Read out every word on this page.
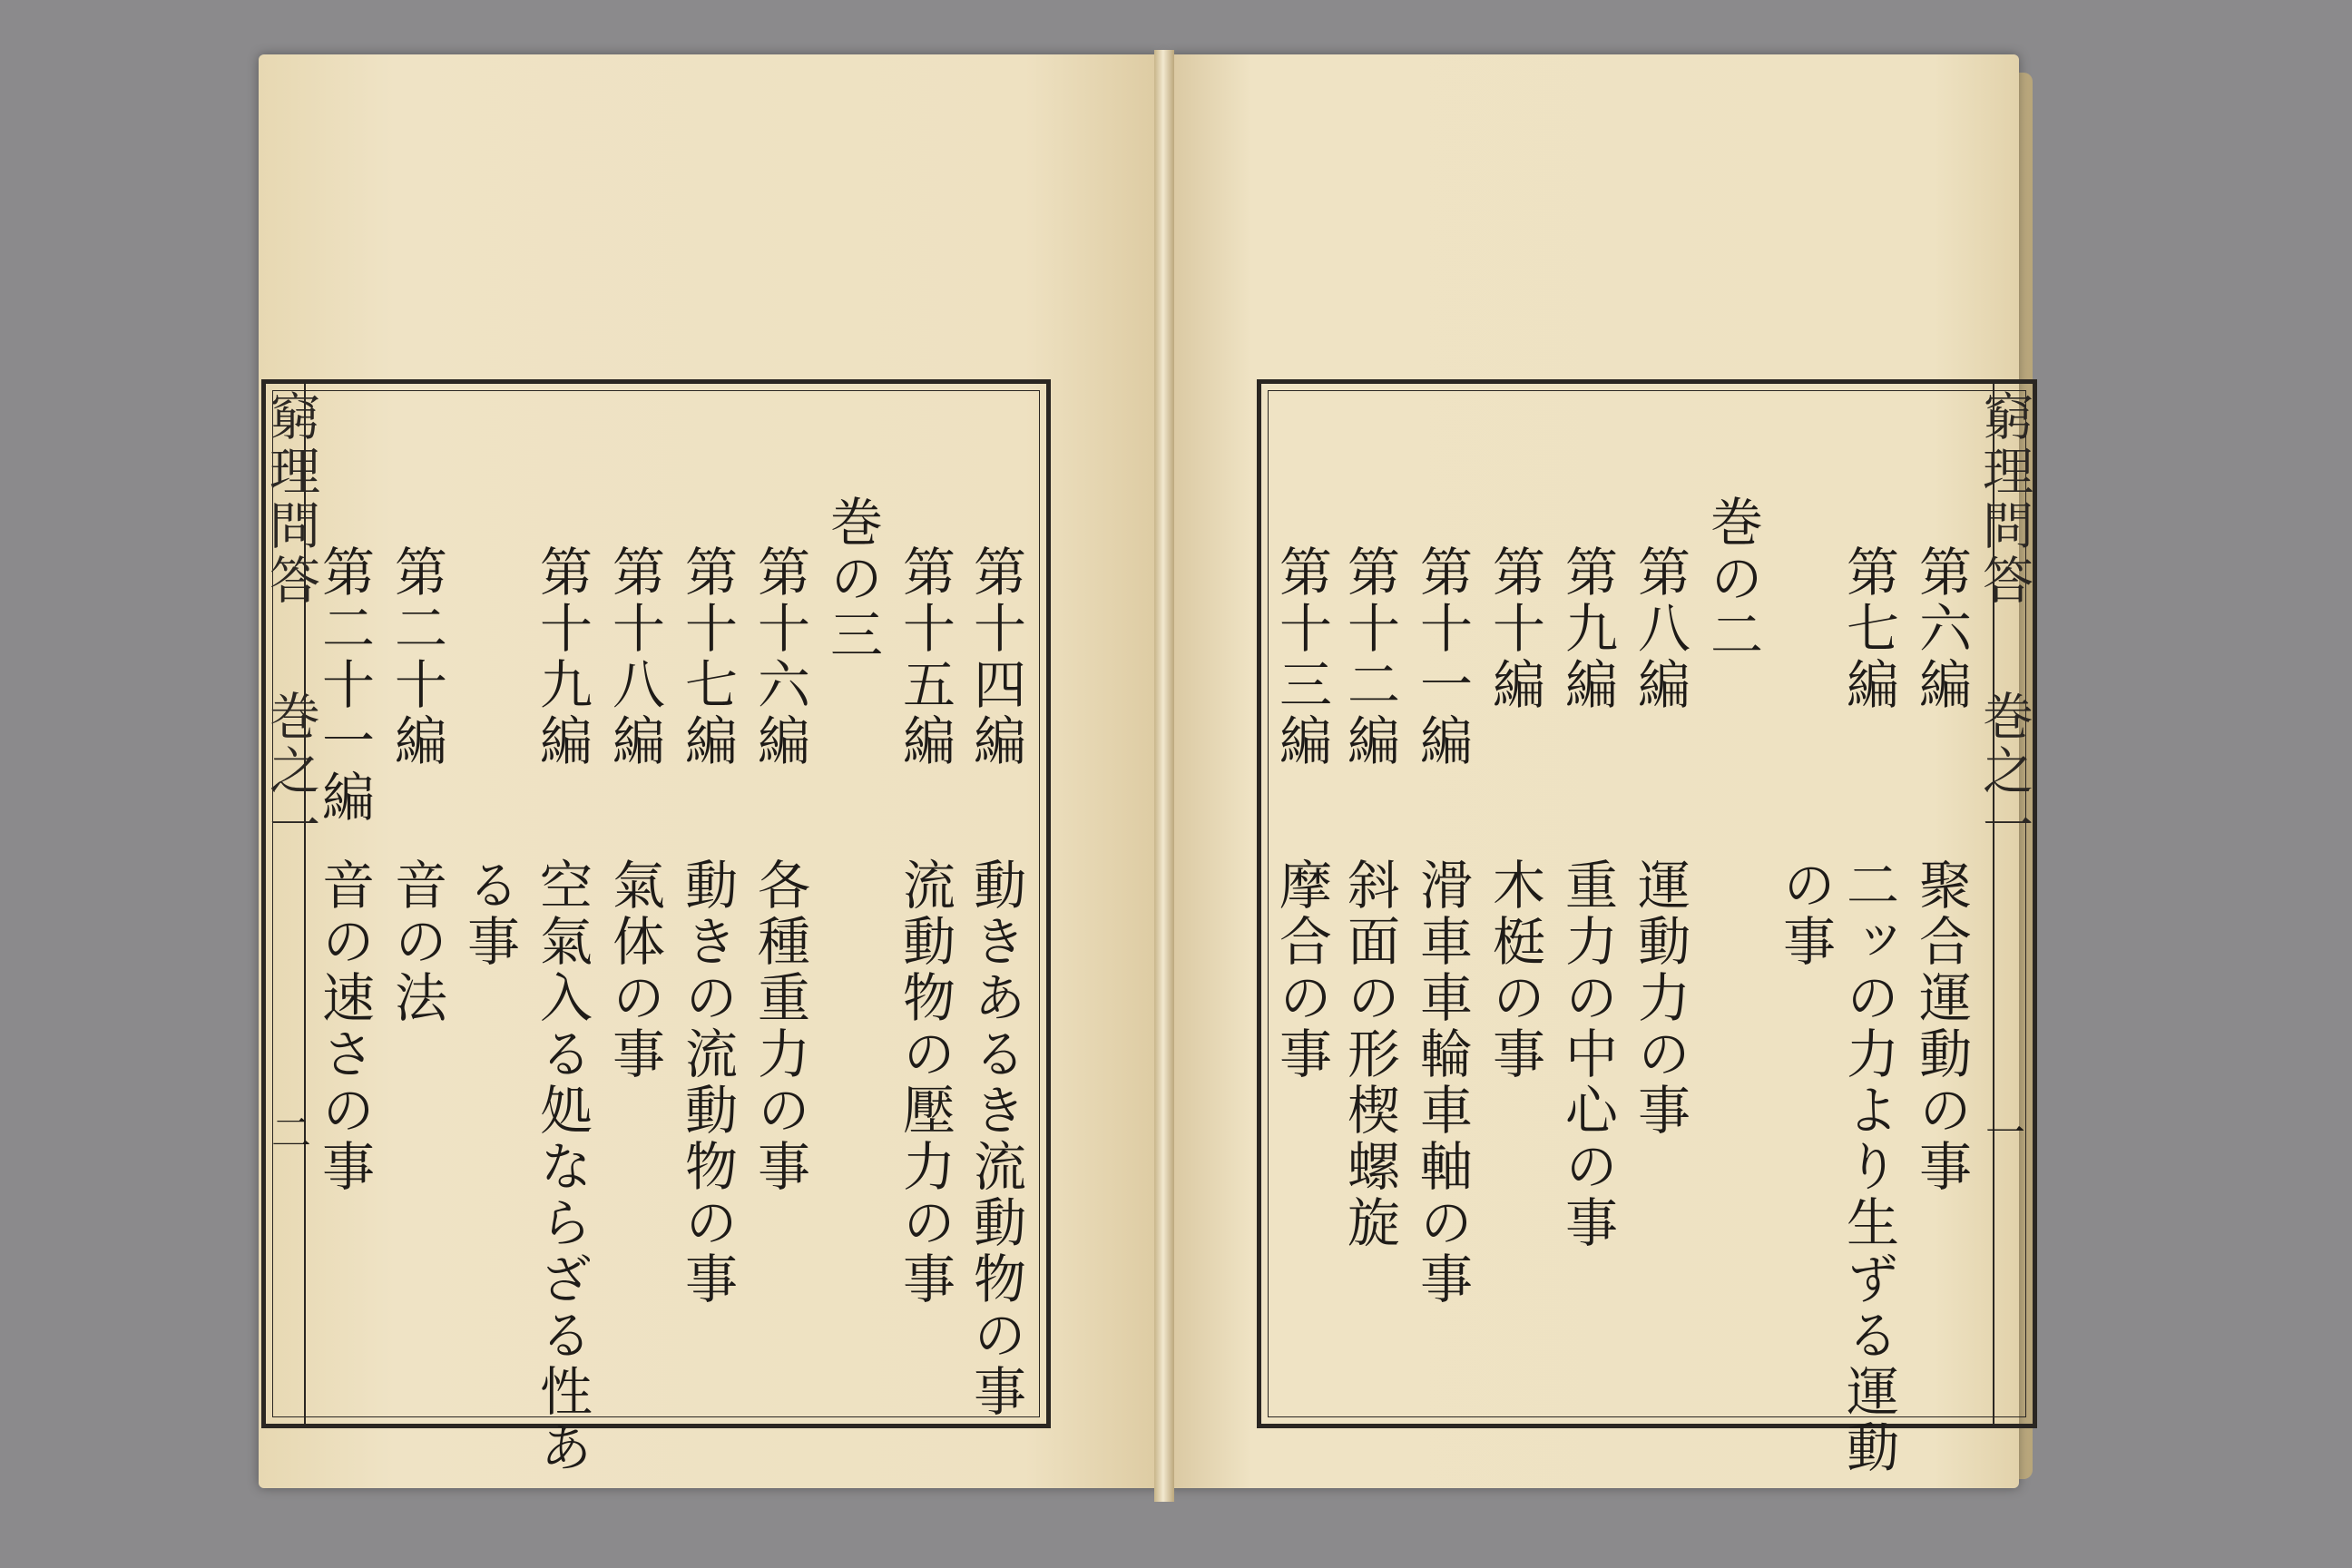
窮理問答
巻之一
二
第十四編
動きあるき流動物の事
第十五編
流動物の壓力の事
巻の三
第十六編
各種重力の事
第十七編
動きの流動物の事
第十八編
氣体の事
第十九編
空氣入る処ならざる性あ
る事
第二十編
音の法
第二十一編
音の速さの事
窮理問答
巻之一
一
第六編
聚合運動の事
第七編
二ッの力より生ずる運動
の事
巻の二
第八編
運動力の事
第九編
重力の中心の事
第十編
木梃の事
第十一編
滑車車輪車軸の事
第十二編
斜面の形楔螺旋
第十三編
摩合の事
